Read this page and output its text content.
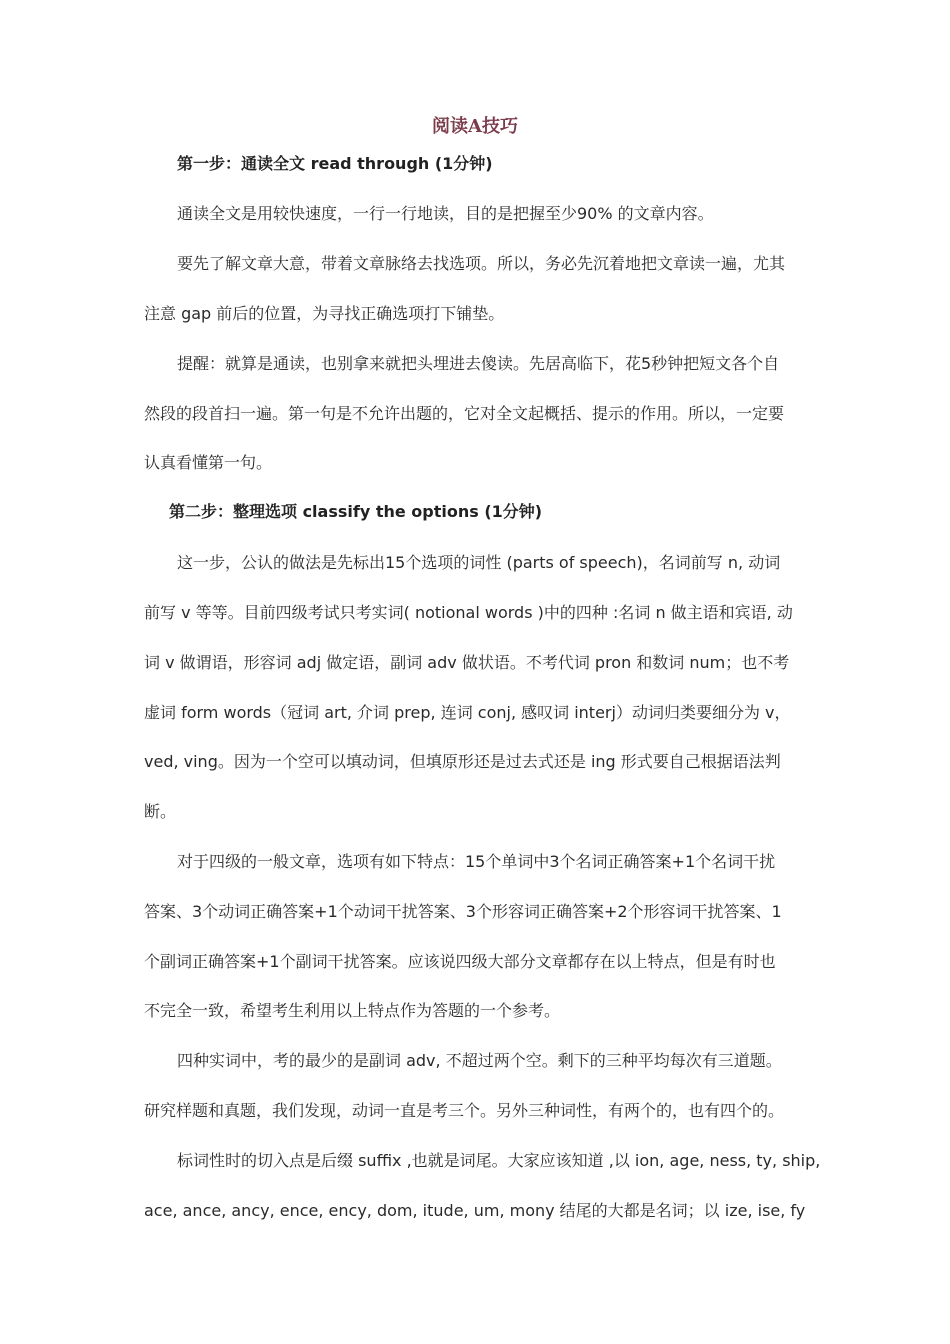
阅读A技巧
第一步：通读全文 read through (1分钟)
通读全文是用较快速度，一行一行地读，目的是把握至少90% 的文章内容。
要先了解文章大意，带着文章脉络去找选项。所以，务必先沉着地把文章读一遍，尤其
注意 gap 前后的位置，为寻找正确选项打下铺垫。
提醒：就算是通读，也别拿来就把头埋进去傻读。先居高临下，花5秒钟把短文各个自
然段的段首扫一遍。第一句是不允许出题的，它对全文起概括、提示的作用。所以，一定要
认真看懂第一句。
第二步：整理选项 classify the options (1分钟)
这一步，公认的做法是先标出15个选项的词性 (parts of speech)，名词前写 n, 动词
前写 v 等等。目前四级考试只考实词( notional words )中的四种 :名词 n 做主语和宾语, 动
词 v 做谓语，形容词 adj 做定语，副词 adv 做状语。不考代词 pron 和数词 num；也不考
虚词 form words（冠词 art, 介词 prep, 连词 conj, 感叹词 interj）动词归类要细分为 v，
ved, ving。因为一个空可以填动词，但填原形还是过去式还是 ing 形式要自己根据语法判
断。
对于四级的一般文章，选项有如下特点：15个单词中3个名词正确答案+1个名词干扰
答案、3个动词正确答案+1个动词干扰答案、3个形容词正确答案+2个形容词干扰答案、1
个副词正确答案+1个副词干扰答案。应该说四级大部分文章都存在以上特点，但是有时也
不完全一致，希望考生利用以上特点作为答题的一个参考。
四种实词中，考的最少的是副词 adv, 不超过两个空。剩下的三种平均每次有三道题。
研究样题和真题，我们发现，动词一直是考三个。另外三种词性，有两个的，也有四个的。
标词性时的切入点是后缀 suffix ,也就是词尾。大家应该知道 ,以 ion, age, ness, ty, ship,
ace, ance, ancy, ence, ency, dom, itude, um, mony 结尾的大都是名词；以 ize, ise, fy
